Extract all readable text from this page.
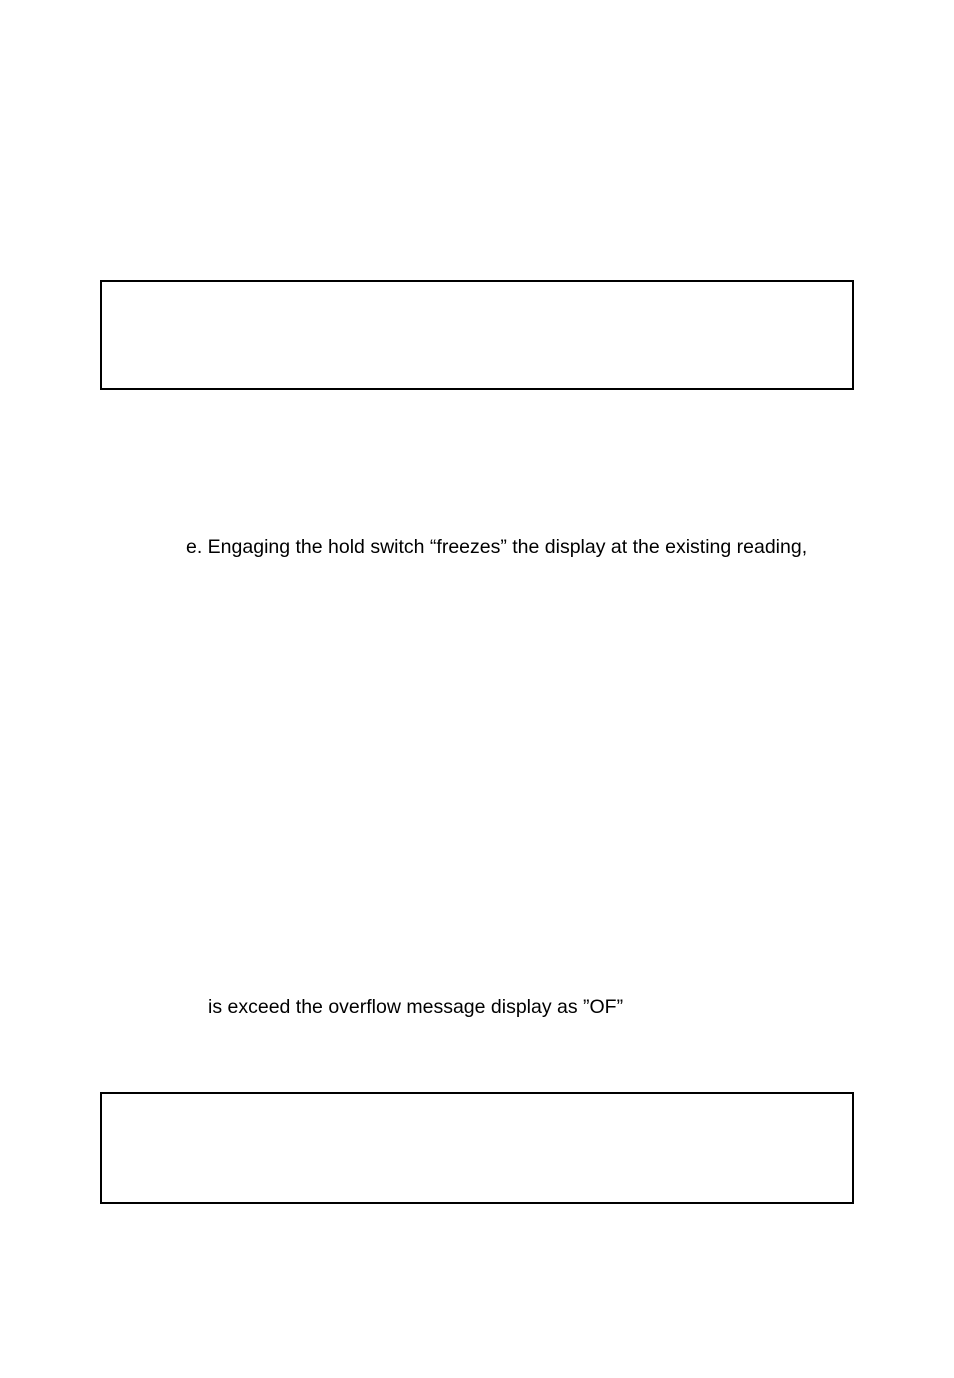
e. Engaging the hold switch “freezes” the display at the existing reading,
is exceed the overflow message display as ”OF”
